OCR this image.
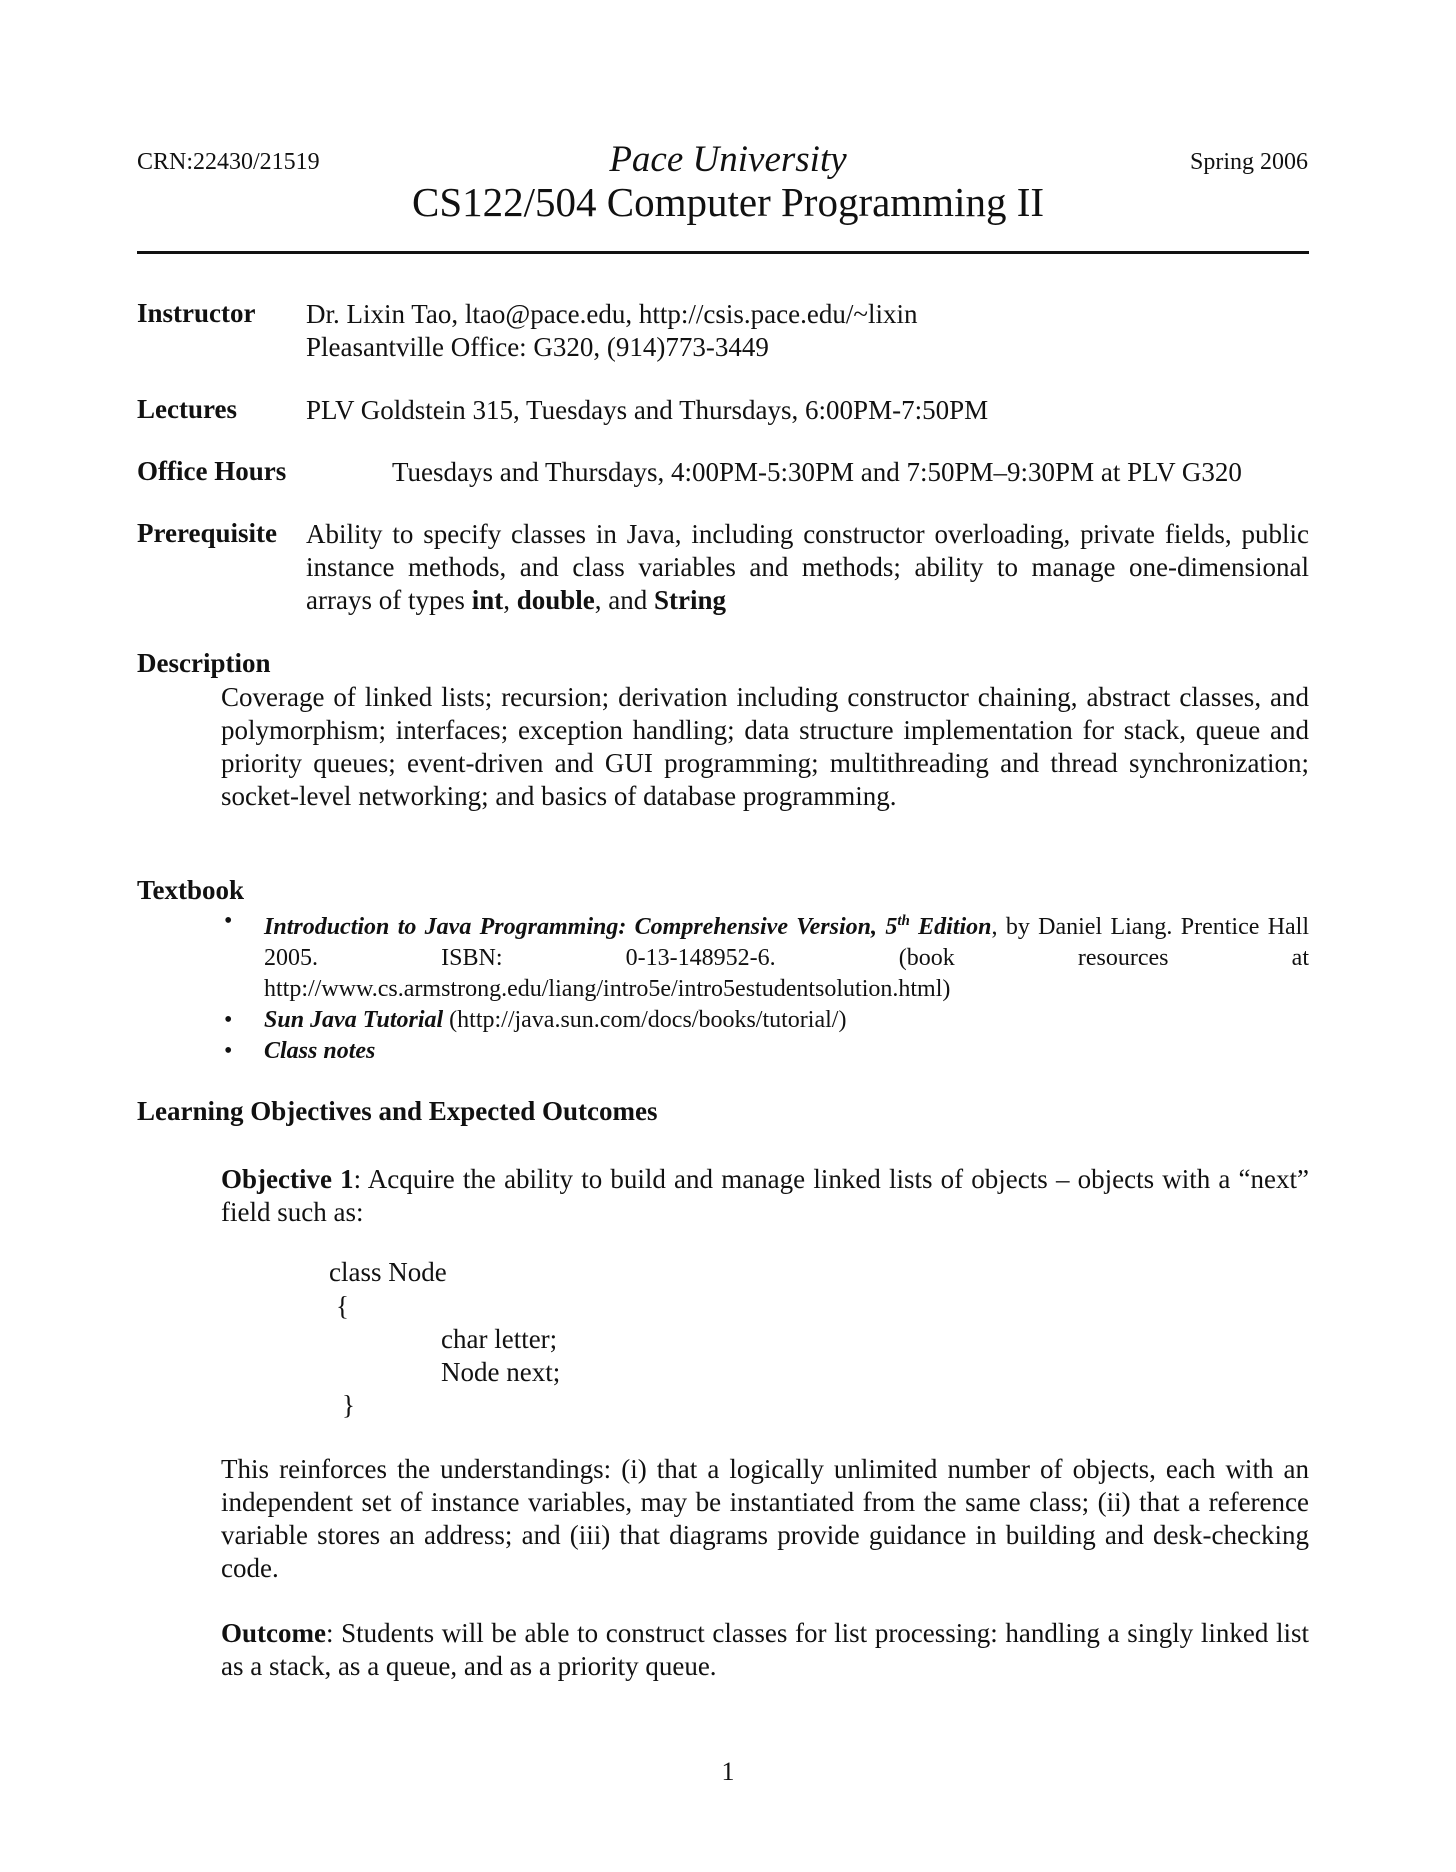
CRN:22430/21519	Pace University	Spring 2006
CS122/504 Computer Programming II
Instructor Dr. Lixin Tao, ltao@pace.edu, http://csis.pace.edu/~lixin
Pleasantville Office: G320, (914)773-3449
Lectures	PLV Goldstein 315, Tuesdays and Thursdays, 6:00PM-7:50PM
Office Hours	Tuesdays and Thursdays, 4:00PM-5:30PM and 7:50PM–9:30PM at PLV G320
Prerequisite Ability to specify classes in Java, including constructor overloading, private fields, public instance methods, and class variables and methods; ability to manage one-dimensional arrays of types int, double, and String
Description
Coverage of linked lists; recursion; derivation including constructor chaining, abstract classes, and polymorphism; interfaces; exception handling; data structure implementation for stack, queue and priority queues; event-driven and GUI programming; multithreading and thread synchronization; socket-level networking; and basics of database programming.
Textbook
• Introduction to Java Programming: Comprehensive Version, 5th Edition, by Daniel Liang. Prentice Hall 2005. ISBN: 0-13-148952-6. (book resources at http://www.cs.armstrong.edu/liang/intro5e/intro5estudentsolution.html)
• Sun Java Tutorial (http://java.sun.com/docs/books/tutorial/)
• Class notes
Learning Objectives and Expected Outcomes
Objective 1: Acquire the ability to build and manage linked lists of objects – objects with a “next” field such as:
class Node
{
char letter;
Node next;
}
This reinforces the understandings: (i) that a logically unlimited number of objects, each with an independent set of instance variables, may be instantiated from the same class; (ii) that a reference variable stores an address; and (iii) that diagrams provide guidance in building and desk-checking code.
Outcome: Students will be able to construct classes for list processing: handling a singly linked list as a stack, as a queue, and as a priority queue.
1
